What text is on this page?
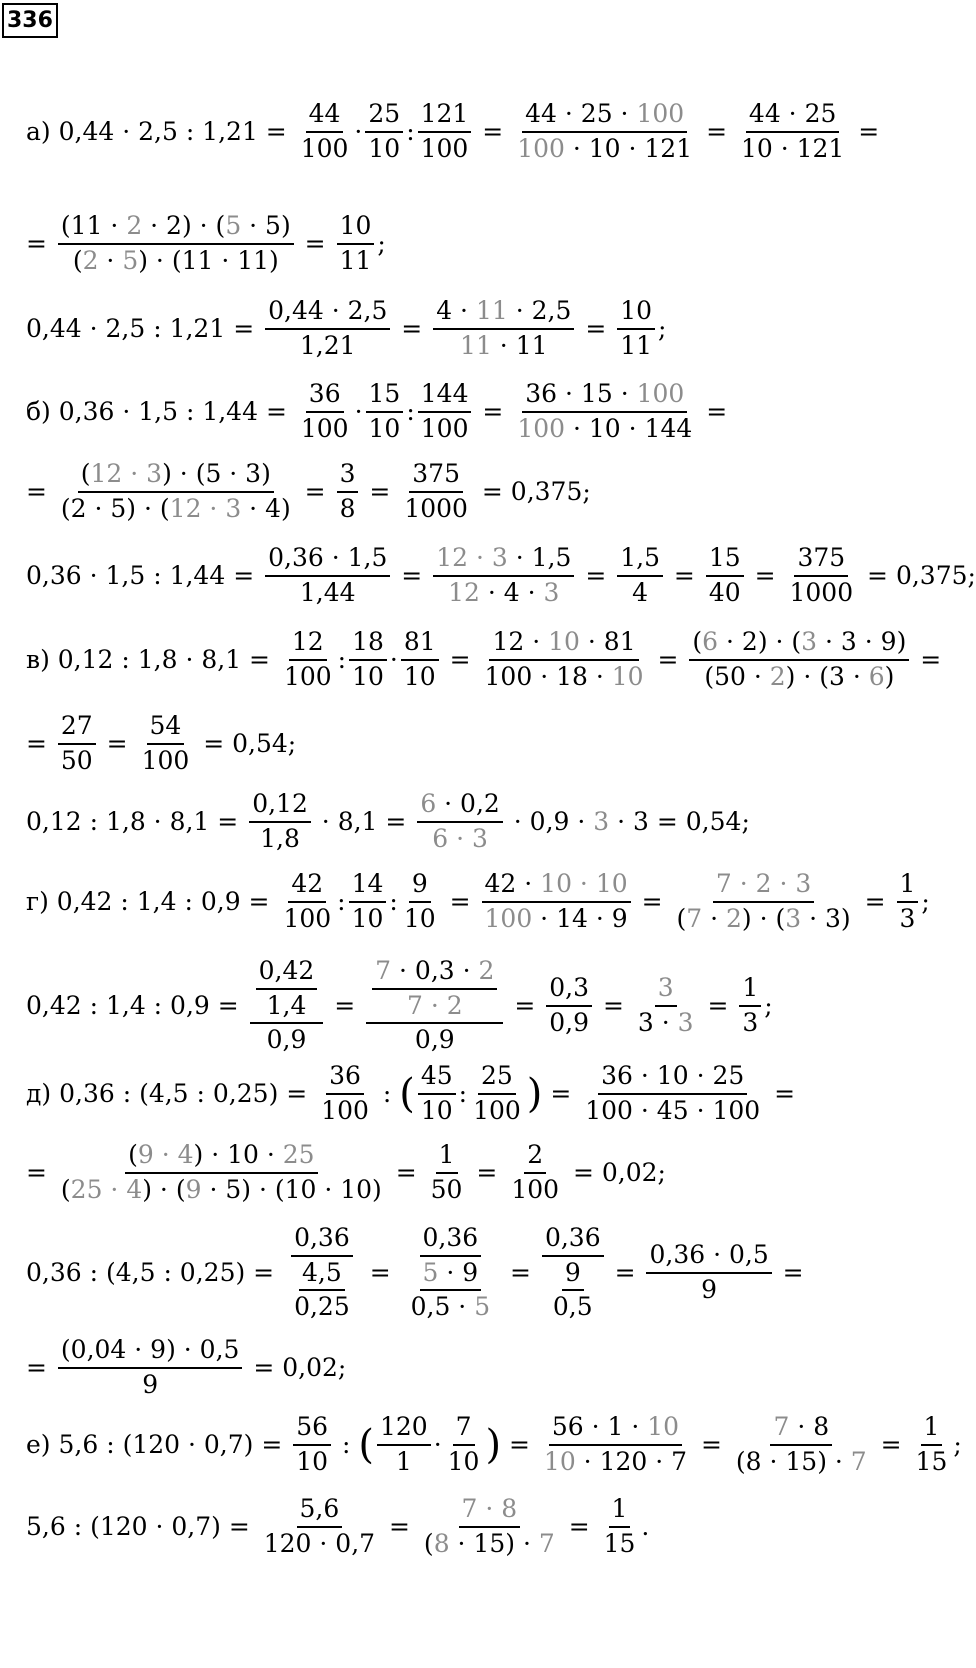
336
а) 0,44 · 2,5 : $1,21 = \frac{44}{100} \cdot \frac{25}{10}$ : $\frac{121}{100} = \frac{44 \cdot 25 \cdot 100}{100 \cdot 10 \cdot 121} = \frac{44 \cdot 25}{10 \cdot 121}$ =
= $\frac{(11 \cdot 2 \cdot 2) \cdot (5 \cdot 5)}{(2 \cdot 5) \cdot (11 \cdot 11)} = \frac{10}{11}$ ;
0,44 · 2,5 : $1,21 = \frac{0,44 \cdot 2,5}{1,21} = \frac{4 \cdot 11 \cdot 2,5}{11 \cdot 11} = \frac{10}{11}$ ;
б) 0,36 · 1,5 : $1,44 = \frac{36}{100} \cdot \frac{15}{10}$ : $\frac{144}{100} = \frac{36 \cdot 15 \cdot 100}{100 \cdot 10 \cdot 144}$ =
= $\frac{(12 \cdot 3) \cdot (5 \cdot 3)}{(2 \cdot 5) \cdot (12 \cdot 3 \cdot 4)} = \frac{3}{8} = \frac{375}{1000} = 0,375$;
0,36 · 1,5 : $1,44 = \frac{0,36 \cdot 1,5}{1,44} = \frac{12 \cdot 3 \cdot 1,5}{12 \cdot 4 \cdot 3} = \frac{1,5}{4} = \frac{15}{40} = \frac{375}{1000} = 0,375$;
в) 0,12 : $1,8 \cdot 8,1 = \frac{12}{100}$ : $\frac{18}{10} \cdot \frac{81}{10} = \frac{12 \cdot 10 \cdot 81}{100 \cdot 18 \cdot 10} = \frac{(6 \cdot 2) \cdot (3 \cdot 3 \cdot 9)}{(50 \cdot 2) \cdot (3 \cdot 6)}$ =
= $\frac{27}{50} = \frac{54}{100} = 0,54$;
0,12 : $1,8 \cdot 8,1 = \frac{0,12}{1,8} \cdot 8,1 = \frac{6 \cdot 0,2}{6 \cdot 3} \cdot 0,9 \cdot 3 \cdot 3 = 0,54$;
г) 0,42 : 1,4 : $0,9 = \frac{42}{100}$ : $\frac{14}{10}$ : $\frac{9}{10} = \frac{42 \cdot 10 \cdot 10}{100 \cdot 14 \cdot 9} = \frac{7 \cdot 2 \cdot 3}{(7 \cdot 2) \cdot (3 \cdot 3)} = \frac{1}{3}$ ;
0,42 : 1,4 : $0,9 = \frac{\frac{0,42}{1,4}}{0,9} = \frac{\frac{7 \cdot 0,3 \cdot 2}{7 \cdot 2}}{0,9} = \frac{0,3}{0,9} = \frac{3}{3 \cdot 3} = \frac{1}{3}$ ;
д) 0,36 : (4,5 : $0,25) = \frac{36}{100}$ : ( $\frac{45}{10}$ : $\frac{25}{100}$ ) = $\frac{36 \cdot 10 \cdot 25}{100 \cdot 45 \cdot 100}$ =
= $\frac{(9 \cdot 4) \cdot 10 \cdot 25}{(25 \cdot 4) \cdot (9 \cdot 5) \cdot (10 \cdot 10)} = \frac{1}{50} = \frac{2}{100} = 0,02$;
0,36 : (4,5 : $0,25) = \frac{0,36}{\frac{4,5}{0,25}} = \frac{0,36}{\frac{5 \cdot 9}{0,5 \cdot 5}} = \frac{0,36}{\frac{9}{0,5}} = \frac{0,36 \cdot 0,5}{9}$ =
= $\frac{(0,04 \cdot 9) \cdot 0,5}{9} = 0,02$;
е) 5,6 : $(120 \cdot 0,7) = \frac{56}{10}$ : ( $\frac{120}{1} \cdot \frac{7}{10}$ ) = $\frac{56 \cdot 1 \cdot 10}{10 \cdot 120 \cdot 7} = \frac{7 \cdot 8}{(8 \cdot 15) \cdot 7} = \frac{1}{15}$ ;
5,6 : $(120 \cdot 0,7) = \frac{5,6}{120 \cdot 0,7} = \frac{7 \cdot 8}{(8 \cdot 15) \cdot 7} = \frac{1}{15}$ .
